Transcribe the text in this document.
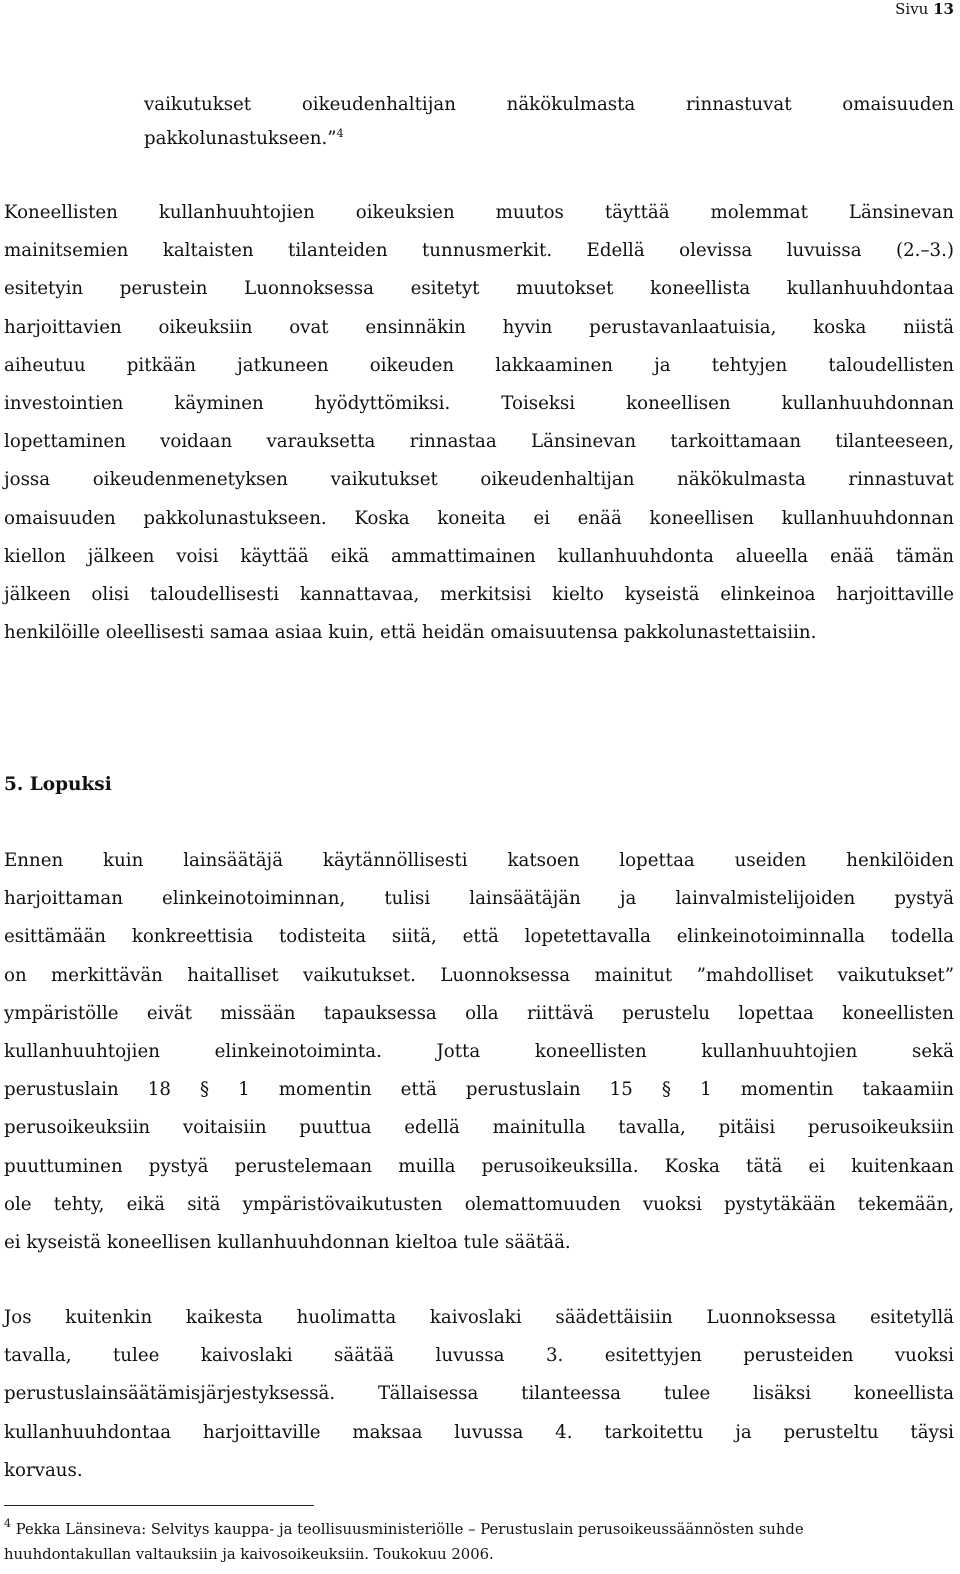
Sivu 13
vaikutukset oikeudenhaltijan näkökulmasta rinnastuvat omaisuuden
pakkolunastukseen.”$^4$
Koneellisten kullanhuuhtojien oikeuksien muutos täyttää molemmat Länsinevan
mainitsemien kaltaisten tilanteiden tunnusmerkit. Edellä olevissa luvuissa (2.–3.)
esitetyin perustein Luonnoksessa esitetyt muutokset koneellista kullanhuuhdontaa
harjoittavien oikeuksiin ovat ensinnäkin hyvin perustavanlaatuisia, koska niistä
aiheutuu pitkään jatkuneen oikeuden lakkaaminen ja tehtyjen taloudellisten
investointien käyminen hyödyttömiksi. Toiseksi koneellisen kullanhuuhdonnan
lopettaminen voidaan varauksetta rinnastaa Länsinevan tarkoittamaan tilanteeseen,
jossa oikeudenmenetyksen vaikutukset oikeudenhaltijan näkökulmasta rinnastuvat
omaisuuden pakkolunastukseen. Koska koneita ei enää koneellisen kullanhuuhdonnan
kiellon jälkeen voisi käyttää eikä ammattimainen kullanhuuhdonta alueella enää tämän
jälkeen olisi taloudellisesti kannattavaa, merkitsisi kielto kyseistä elinkeinoa harjoittaville
henkilöille oleellisesti samaa asiaa kuin, että heidän omaisuutensa pakkolunastettaisiin.
5. Lopuksi
Ennen kuin lainsäätäjä käytännöllisesti katsoen lopettaa useiden henkilöiden
harjoittaman elinkeinotoiminnan, tulisi lainsäätäjän ja lainvalmistelijoiden pystyä
esittämään konkreettisia todisteita siitä, että lopetettavalla elinkeinotoiminnalla todella
on merkittävän haitalliset vaikutukset. Luonnoksessa mainitut ”mahdolliset vaikutukset”
ympäristölle eivät missään tapauksessa olla riittävä perustelu lopettaa koneellisten
kullanhuuhtojien elinkeinotoiminta. Jotta koneellisten kullanhuuhtojien sekä
perustuslain 18 § 1 momentin että perustuslain 15 § 1 momentin takaamiin
perusoikeuksiin voitaisiin puuttua edellä mainitulla tavalla, pitäisi perusoikeuksiin
puuttuminen pystyä perustelemaan muilla perusoikeuksilla. Koska tätä ei kuitenkaan
ole tehty, eikä sitä ympäristövaikutusten olemattomuuden vuoksi pystytäkään tekemään,
ei kyseistä koneellisen kullanhuuhdonnan kieltoa tule säätää.
Jos kuitenkin kaikesta huolimatta kaivoslaki säädettäisiin Luonnoksessa esitetyllä
tavalla, tulee kaivoslaki säätää luvussa 3. esitettyjen perusteiden vuoksi
perustuslainsäätämisjärjestyksessä. Tällaisessa tilanteessa tulee lisäksi koneellista
kullanhuuhdontaa harjoittaville maksaa luvussa 4. tarkoitettu ja perusteltu täysi
korvaus.
$^4$ Pekka Länsineva: Selvitys kauppa- ja teollisuusministeriölle – Perustuslain perusoikeussäännösten suhde
huuhdontakullan valtauksiin ja kaivosoikeuksiin. Toukokuu 2006.
